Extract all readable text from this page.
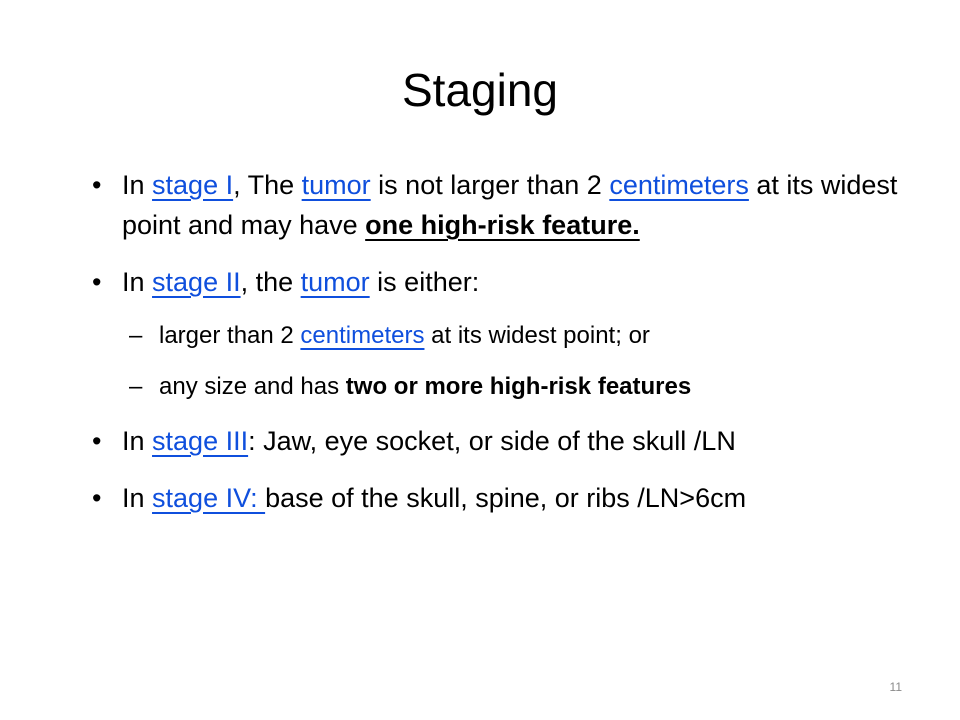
Staging
• In stage I, The tumor is not larger than 2 centimeters at its widest point and may have one high-risk feature.
• In stage II, the tumor is either:
– larger than 2 centimeters at its widest point; or
– any size and has two or more high-risk features
• In stage III: Jaw, eye socket, or side of the skull /LN
• In stage IV: base of the skull, spine, or ribs /LN>6cm
11
